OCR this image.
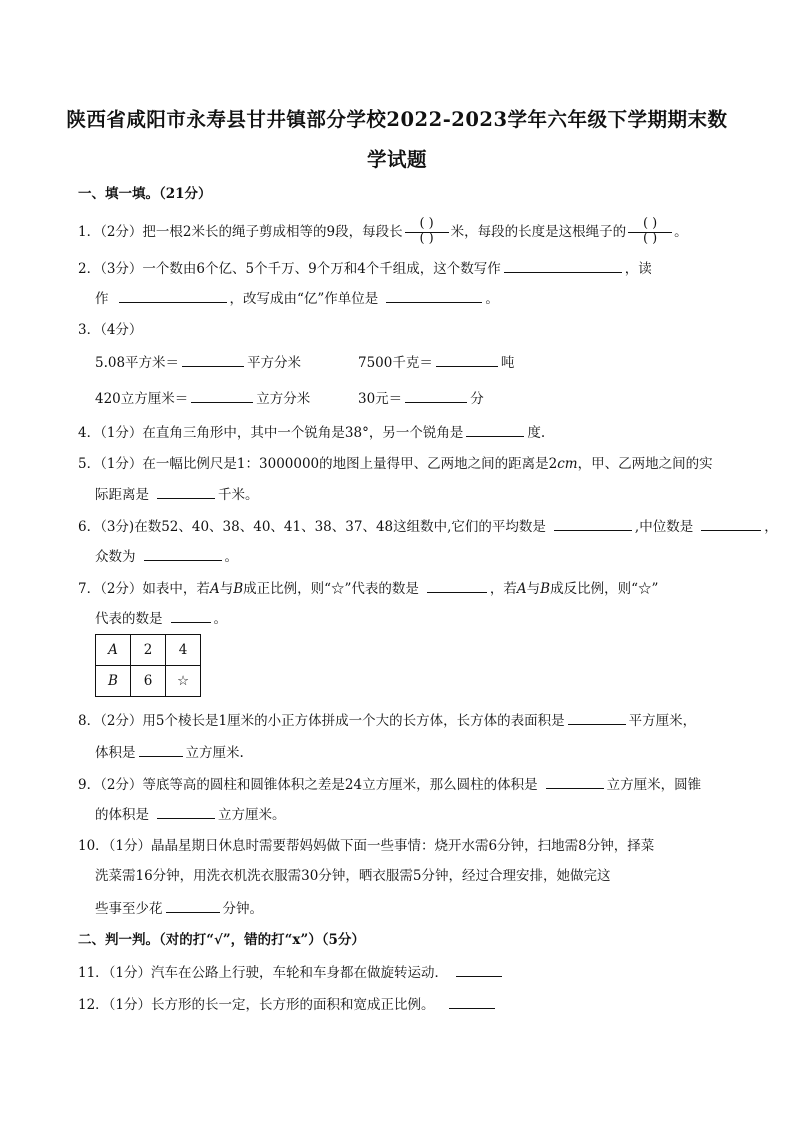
陕西省咸阳市永寿县甘井镇部分学校2022-2023学年六年级下学期期末数
学试题
一、填一填。（21分）
1．（2分）把一根2米长的绳子剪成相等的9段，每段长 $\frac{( )}{( )}$ 米，每段的长度是这根绳子的 $\frac{( )}{( )}$ 。
2．（3分）一个数由6个亿、5个千万、9个万和4个千组成，这个数写作	，读
作	，改写成由“亿”作单位是	。
3．（4分）
5.08平方米＝	平方分米	7500千克＝	吨
420立方厘米＝	立方分米	30元＝	分
4．（1分）在直角三角形中，其中一个锐角是38°，另一个锐角是	度.
5．（1分）在一幅比例尺是1：3000000的地图上量得甲、乙两地之间的距离是2cm，甲、乙两地之间的实
际距离是	千米。
6．（3分)在数52、40、38、40、41、38、37、48这组数中,它们的平均数是	,中位数是	，
众数为	。
7．（2分）如表中，若A与B成正比例，则“☆”代表的数是	，若A与B成反比例，则“☆”
代表的数是	。
A	2	4
B	6	☆
8．（2分）用5个棱长是1厘米的小正方体拼成一个大的长方体，长方体的表面积是	平方厘米，
体积是	立方厘米.
9．（2分）等底等高的圆柱和圆锥体积之差是24立方厘米，那么圆柱的体积是	立方厘米，圆锥
的体积是	立方厘米。
10．（1分）晶晶星期日休息时需要帮妈妈做下面一些事情：烧开水需6分钟，扫地需8分钟，择菜
洗菜需16分钟，用洗衣机洗衣服需30分钟，晒衣服需5分钟，经过合理安排，她做完这
些事至少花	分钟。
二、判一判。（对的打“√”，错的打“x”）（5分）
11．（1分）汽车在公路上行驶，车轮和车身都在做旋转运动．
12．（1分）长方形的长一定，长方形的面积和宽成正比例。
